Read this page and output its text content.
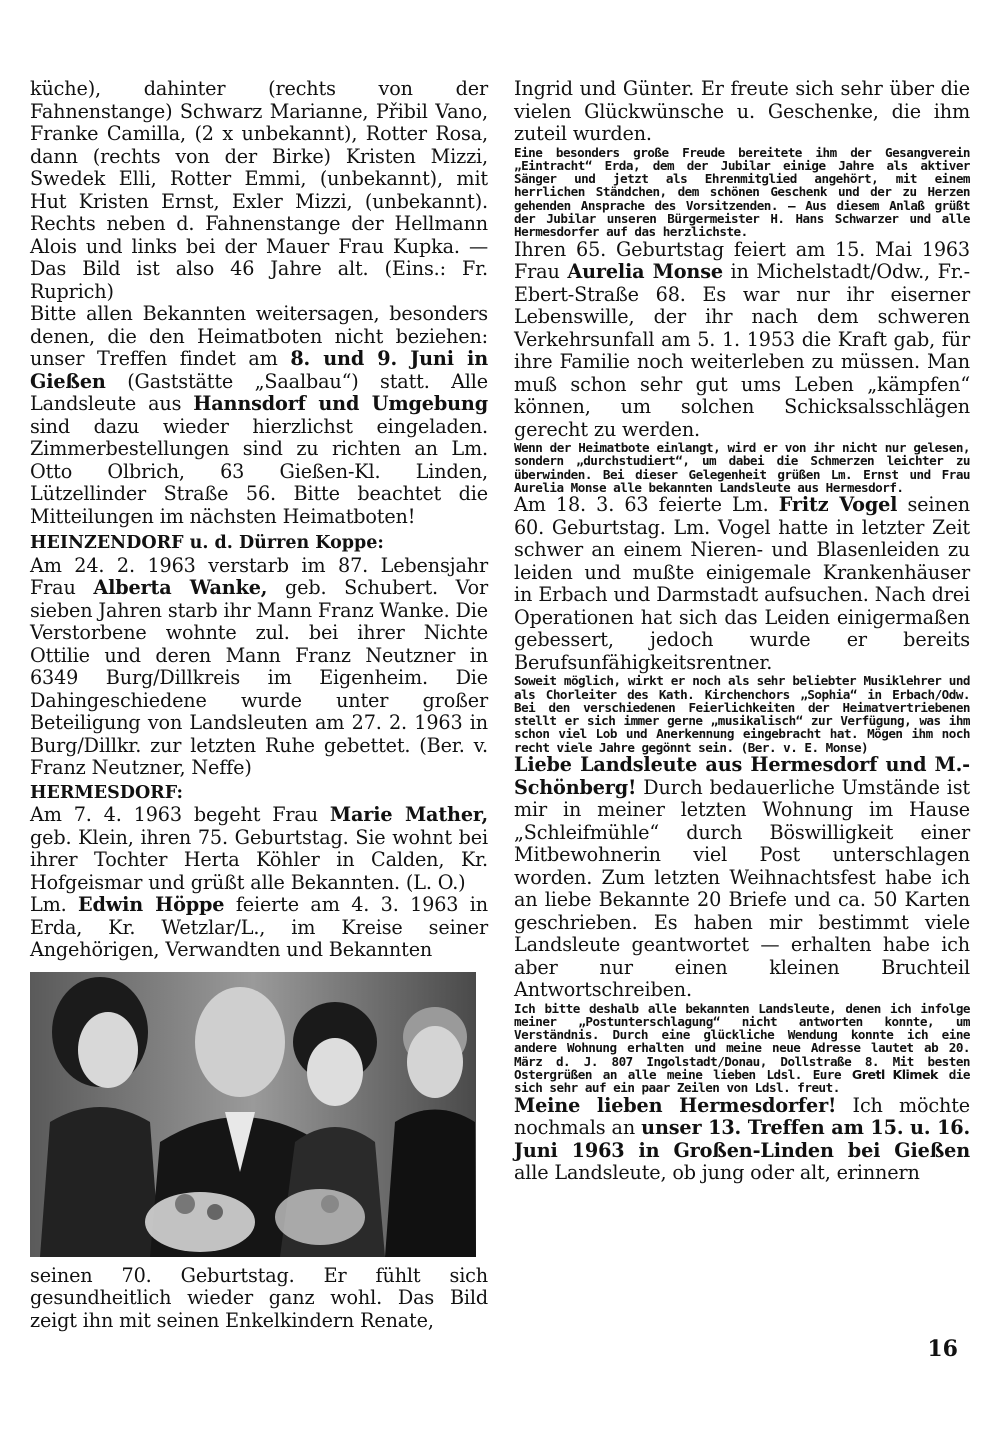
küche), dahinter (rechts von der Fahnenstange) Schwarz Marianne, Přibil Vano, Franke Camilla, (2 x unbekannt), Rotter Rosa, dann (rechts von der Birke) Kristen Mizzi, Swedek Elli, Rotter Emmi, (unbekannt), mit Hut Kristen Ernst, Exler Mizzi, (unbekannt). Rechts neben d. Fahnenstange der Hellmann Alois und links bei der Mauer Frau Kupka. — Das Bild ist also 46 Jahre alt. (Eins.: Fr. Ruprich)

Bitte allen Bekannten weitersagen, besonders denen, die den Heimatboten nicht beziehen: unser Treffen findet am 8. und 9. Juni in Gießen (Gaststätte „Saalbau“) statt. Alle Landsleute aus Hannsdorf und Umgebung sind dazu wieder hierzlichst eingeladen. Zimmerbestellungen sind zu richten an Lm. Otto Olbrich, 63 Gießen-Kl. Linden, Lützellinder Straße 56. Bitte beachtet die Mitteilungen im nächsten Heimatboten!

HEINZENDORF u. d. Dürren Koppe:

Am 24. 2. 1963 verstarb im 87. Lebensjahr Frau Alberta Wanke, geb. Schubert. Vor sieben Jahren starb ihr Mann Franz Wanke. Die Verstorbene wohnte zul. bei ihrer Nichte Ottilie und deren Mann Franz Neutzner in 6349 Burg/Dillkreis im Eigenheim. Die Dahingeschiedene wurde unter großer Beteiligung von Landsleuten am 27. 2. 1963 in Burg/Dillkr. zur letzten Ruhe gebettet. (Ber. v. Franz Neutzner, Neffe)

HERMESDORF:

Am 7. 4. 1963 begeht Frau Marie Mather, geb. Klein, ihren 75. Geburtstag. Sie wohnt bei ihrer Tochter Herta Köhler in Calden, Kr. Hofgeismar und grüßt alle Bekannten. (L. O.)

Lm. Edwin Höppe feierte am 4. 3. 1963 in Erda, Kr. Wetzlar/L., im Kreise seiner Angehörigen, Verwandten und Bekannten

seinen 70. Geburtstag. Er fühlt sich gesundheitlich wieder ganz wohl. Das Bild zeigt ihn mit seinen Enkelkindern Renate,

Ingrid und Günter. Er freute sich sehr über die vielen Glückwünsche u. Geschenke, die ihm zuteil wurden.

Eine besonders große Freude bereitete ihm der Gesangverein „Eintracht“ Erda, dem der Jubilar einige Jahre als aktiver Sänger und jetzt als Ehrenmitglied angehört, mit einem herrlichen Ständchen, dem schönen Geschenk und der zu Herzen gehenden Ansprache des Vorsitzenden. — Aus diesem Anlaß grüßt der Jubilar unseren Bürgermeister H. Hans Schwarzer und alle Hermesdorfer auf das herzlichste.

Ihren 65. Geburtstag feiert am 15. Mai 1963 Frau Aurelia Monse in Michelstadt/Odw., Fr.-Ebert-Straße 68. Es war nur ihr eiserner Lebenswille, der ihr nach dem schweren Verkehrsunfall am 5. 1. 1953 die Kraft gab, für ihre Familie noch weiterleben zu müssen. Man muß schon sehr gut ums Leben „kämpfen“ können, um solchen Schicksalsschlägen gerecht zu werden.

Wenn der Heimatbote einlangt, wird er von ihr nicht nur gelesen, sondern „durchstudiert“, um dabei die Schmerzen leichter zu überwinden. Bei dieser Gelegenheit grüßen Lm. Ernst und Frau Aurelia Monse alle bekannten Landsleute aus Hermesdorf.

Am 18. 3. 63 feierte Lm. Fritz Vogel seinen 60. Geburtstag. Lm. Vogel hatte in letzter Zeit schwer an einem Nieren- und Blasenleiden zu leiden und mußte einigemale Krankenhäuser in Erbach und Darmstadt aufsuchen. Nach drei Operationen hat sich das Leiden einigermaßen gebessert, jedoch wurde er bereits Berufsunfähigkeitsrentner.

Soweit möglich, wirkt er noch als sehr beliebter Musiklehrer und als Chorleiter des Kath. Kirchenchors „Sophia“ in Erbach/Odw. Bei den verschiedenen Feierlichkeiten der Heimatvertriebenen stellt er sich immer gerne „musikalisch“ zur Verfügung, was ihm schon viel Lob und Anerkennung eingebracht hat. Mögen ihm noch recht viele Jahre gegönnt sein. (Ber. v. E. Monse)

Liebe Landsleute aus Hermesdorf und M.-Schönberg! Durch bedauerliche Umstände ist mir in meiner letzten Wohnung im Hause „Schleifmühle“ durch Böswilligkeit einer Mitbewohnerin viel Post unterschlagen worden. Zum letzten Weihnachtsfest habe ich an liebe Bekannte 20 Briefe und ca. 50 Karten geschrieben. Es haben mir bestimmt viele Landsleute geantwortet — erhalten habe ich aber nur einen kleinen Bruchteil Antwortschreiben.

Ich bitte deshalb alle bekannten Landsleute, denen ich infolge meiner „Postunterschlagung“ nicht antworten konnte, um Verständnis. Durch eine glückliche Wendung konnte ich eine andere Wohnung erhalten und meine neue Adresse lautet ab 20. März d. J. 807 Ingolstadt/Donau, Dollstraße 8. Mit besten Ostergrüßen an alle meine lieben Ldsl. Eure Gretl Klimek die sich sehr auf ein paar Zeilen von Ldsl. freut.

Meine lieben Hermesdorfer! Ich möchte nochmals an unser 13. Treffen am 15. u. 16. Juni 1963 in Großen-Linden bei Gießen alle Landsleute, ob jung oder alt, erinnern

16
